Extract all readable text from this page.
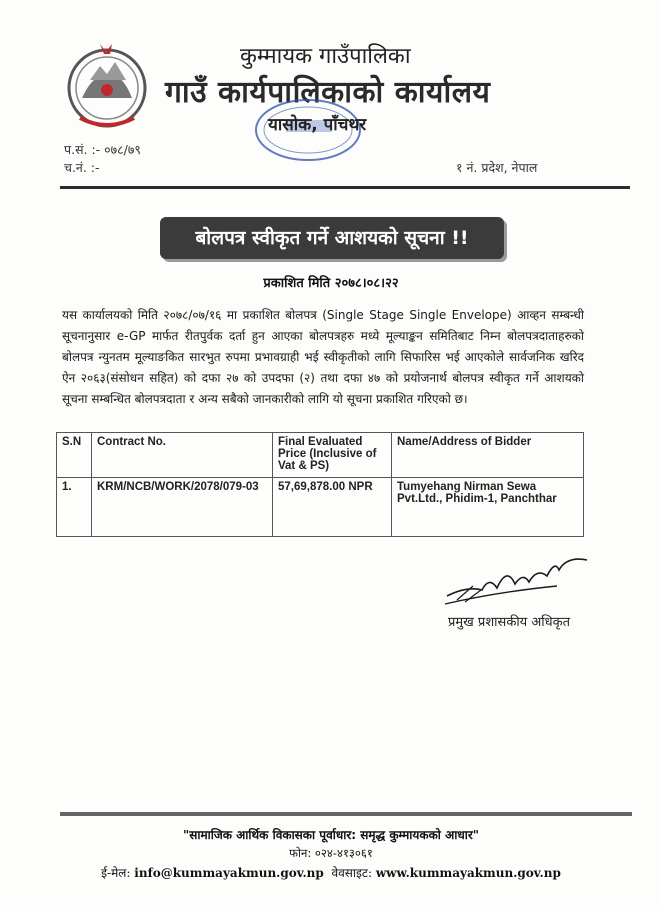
कुम्मायक गाउँपालिका
गाउँ कार्यपालिकाको कार्यालय
यासोक, पाँचथर
प.सं. :- ०७८/७९
च.नं. :-	१ नं. प्रदेश, नेपाल
बोलपत्र स्वीकृत गर्ने आशयको सूचना !!
प्रकाशित मिति २०७८।०८।२२
यस कार्यालयको मिति २०७८/०७/१६ मा प्रकाशित बोलपत्र (Single Stage Single Envelope) आव्हन सम्बन्धी सूचनानुसार e-GP मार्फत रीतपुर्वक दर्ता हुन आएका बोलपत्रहरु मध्ये मूल्याङ्कन समितिबाट निम्न बोलपत्रदाताहरुको बोलपत्र न्युनतम मूल्याङकित सारभुत रुपमा प्रभावग्राही भई स्वीकृतीको लागि सिफारिस भई आएकोले सार्वजनिक खरिद ऐन २०६३(संसोधन सहित) को दफा २७ को उपदफा (२) तथा दफा ४७ को प्रयोजनार्थ बोलपत्र स्वीकृत गर्ने आशयको सूचना सम्बन्धित बोलपत्रदाता र अन्य सबैको जानकारीको लागि यो सूचना प्रकाशित गरिएको छ।
S.N	Contract No.	Final Evaluated Price (Inclusive of Vat & PS)	Name/Address of Bidder
1.	KRM/NCB/WORK/2078/079-03	57,69,878.00 NPR	Tumyehang Nirman Sewa Pvt.Ltd., Phidim-1, Panchthar
प्रमुख प्रशासकीय अधिकृत
"सामाजिक आर्थिक विकासका पूर्वाधार: समृद्ध कुम्मायकको आधार"
फोन: ०२४-४१३०६१
ई-मेल: info@kummayakmun.gov.np वेवसाइट: www.kummayakmun.gov.np
